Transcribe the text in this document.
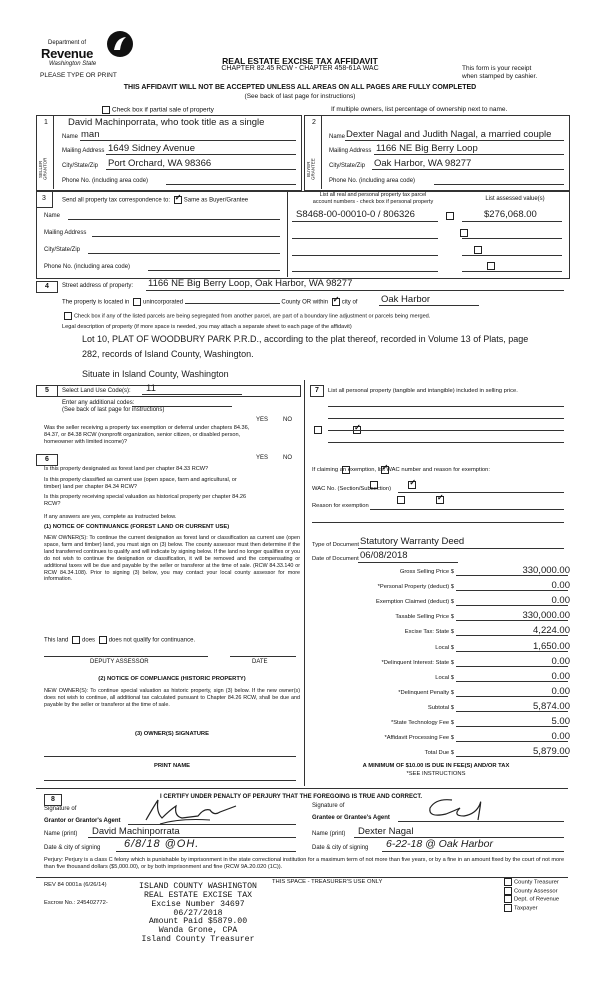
Department of
Revenue
Washington State
PLEASE TYPE OR PRINT
REAL ESTATE EXCISE TAX AFFIDAVIT
CHAPTER 82.45 RCW - CHAPTER 458-61A WAC	This form is your receipt
when stamped by cashier.
THIS AFFIDAVIT WILL NOT BE ACCEPTED UNLESS ALL AREAS ON ALL PAGES ARE FULLY COMPLETED
(See back of last page for instructions)
Check box if partial sale of property	If multiple owners, list percentage of ownership next to name.
1	2
SELLER GRANTOR	BUYER GRANTEE
David Machinporrata, who took title as a single
Name man
Mailing Address 1649 Sidney Avenue
City/State/Zip Port Orchard, WA 98366
Phone No. (including area code)
Name Dexter Nagal and Judith Nagal, a married couple
Mailing Address 1166 NE Big Berry Loop
City/State/Zip Oak Harbor, WA 98277
Phone No. (including area code)
3	Send all property tax correspondence to: ✓ Same as Buyer/Grantee
List all real and personal property tax parcel
account numbers - check box if personal property	List assessed value(s)
Name
Mailing Address
City/State/Zip
Phone No. (including area code)
S8468-00-00010-0 / 806326
	$276,068.00

4	Street address of property: 1166 NE Big Berry Loop, Oak Harbor, WA 98277
The property is located in unincorporated	County OR within ✓ city of Oak Harbor
Check box if any of the listed parcels are being segregated from another parcel, are part of a boundary line adjustment or parcels being merged.
Legal description of property (if more space is needed, you may attach a separate sheet to each page of the affidavit)
Lot 10, PLAT OF WOODBURY PARK P.R.D., according to the plat thereof, recorded in Volume 13 of Plats, page
282, records of Island County, Washington.
Situate in Island County, Washington
5	Select Land Use Code(s): 11
Enter any additional codes:
(See back of last page for instructions)
YES NO
Was the seller receiving a property tax exemption or deferral under chapters 84.36, 84.37, or 84.38 RCW (nonprofit organization, senior citizen, or disabled person, homeowner with limited income)?
✓
6	YES NO
Is this property designated as forest land per chapter 84.33 RCW?
✓
Is this property classified as current use (open space, farm and agricultural, or timber) land per chapter 84.34 RCW?
✓
Is this property receiving special valuation as historical property per chapter 84.26 RCW?
✓
If any answers are yes, complete as instructed below.
(1) NOTICE OF CONTINUANCE (FOREST LAND OR CURRENT USE)
NEW OWNER(S): To continue the current designation as forest land or classification as current use (open space, farm and timber) land, you must sign on (3) below. The county assessor must then determine if the land transferred continues to qualify and will indicate by signing below. If the land no longer qualifies or you do not wish to continue the designation or classification, it will be removed and the compensating or additional taxes will be due and payable by the seller or transferor at the time of sale. (RCW 84.33.140 or RCW 84.34.108). Prior to signing (3) below, you may contact your local county assessor for more information.
This land does does not qualify for continuance.
DEPUTY ASSESSOR	DATE
(2) NOTICE OF COMPLIANCE (HISTORIC PROPERTY)
NEW OWNER(S): To continue special valuation as historic property, sign (3) below. If the new owner(s) does not wish to continue, all additional tax calculated pursuant to Chapter 84.26 RCW, shall be due and payable by the seller or transferor at the time of sale.
(3) OWNER(S) SIGNATURE
PRINT NAME
7	List all personal property (tangible and intangible) included in selling price.
If claiming an exemption, list WAC number and reason for exemption:
WAC No. (Section/Subsection)
Reason for exemption
Type of Document Statutory Warranty Deed
Date of Document 06/08/2018
Gross Selling Price $	330,000.00
*Personal Property (deduct) $	0.00
Exemption Claimed (deduct) $	0.00
Taxable Selling Price $	330,000.00
Excise Tax: State $	4,224.00
Local $	1,650.00
*Delinquent Interest: State $	0.00
Local $	0.00
*Delinquent Penalty $	0.00
Subtotal $	5,874.00
*State Technology Fee $	5.00
*Affidavit Processing Fee $	0.00
Total Due $	5,879.00
A MINIMUM OF $10.00 IS DUE IN FEE(S) AND/OR TAX
*SEE INSTRUCTIONS
8	I CERTIFY UNDER PENALTY OF PERJURY THAT THE FOREGOING IS TRUE AND CORRECT.
Signature of
Grantor or Grantor's Agent
Signature of
Grantee or Grantee's Agent
Name (print) David Machinporrata	Name (print) Dexter Nagal
Date & city of signing 6/8/18 @OH.	Date & city of signing 6-22-18 @ Oak Harbor
Perjury: Perjury is a class C felony which is punishable by imprisonment in the state correctional institution for a maximum term of not more than five years, or by a fine in an amount fixed by the court of not more than five thousand dollars ($5,000.00), or by both imprisonment and fine (RCW 9A.20.020 (1C)).
REV 84 0001a (6/26/14)	THIS SPACE - TREASURER'S USE ONLY
Escrow No.: 245402772-
ISLAND COUNTY WASHINGTON
REAL ESTATE EXCISE TAX
Excise Number 34697
06/27/2018
Amount Paid $5879.00
Wanda Grone, CPA
Island County Treasurer
County Treasurer
County Assessor
Dept. of Revenue
Taxpayer
